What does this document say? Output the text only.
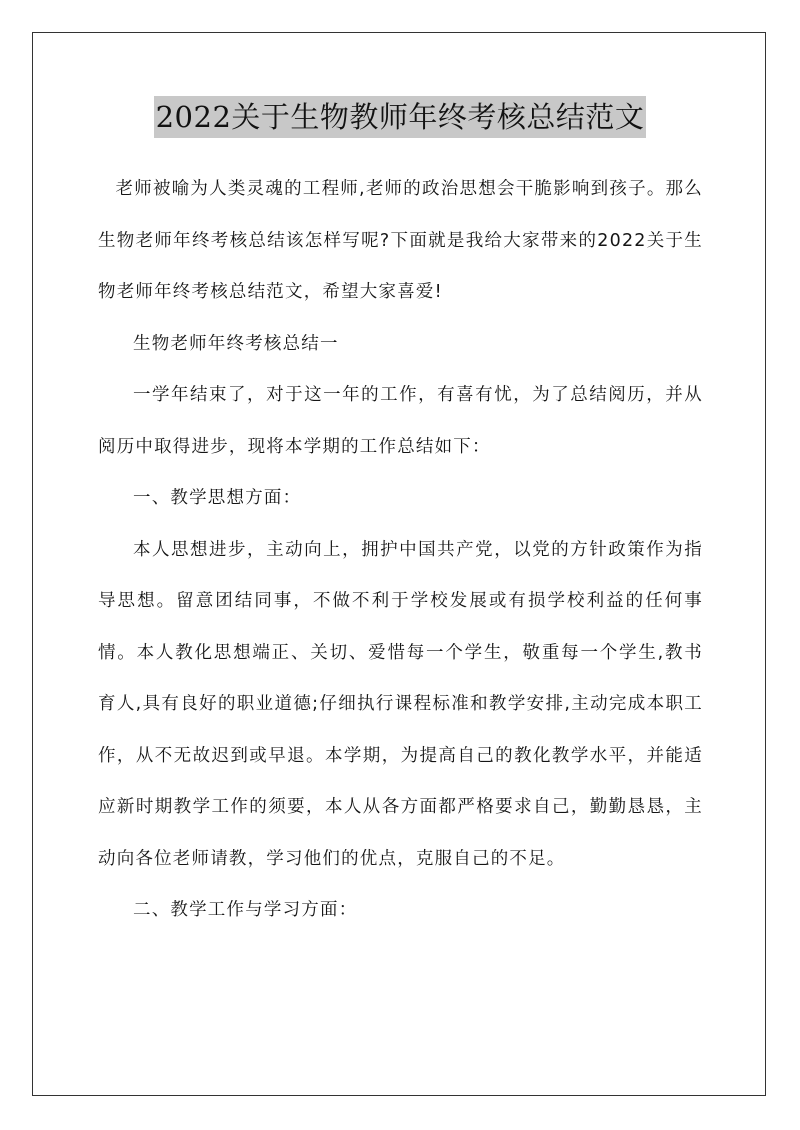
2022关于生物教师年终考核总结范文

老师被喻为人类灵魂的工程师,老师的政治思想会干脆影响到孩子。那么生物老师年终考核总结该怎样写呢?下面就是我给大家带来的2022关于生物老师年终考核总结范文，希望大家喜爱!

生物老师年终考核总结一

一学年结束了，对于这一年的工作，有喜有忧，为了总结阅历，并从阅历中取得进步，现将本学期的工作总结如下：

一、教学思想方面：

本人思想进步，主动向上，拥护中国共产党，以党的方针政策作为指导思想。留意团结同事，不做不利于学校发展或有损学校利益的任何事情。本人教化思想端正、关切、爱惜每一个学生，敬重每一个学生,教书育人,具有良好的职业道德;仔细执行课程标准和教学安排,主动完成本职工作，从不无故迟到或早退。本学期，为提高自己的教化教学水平，并能适应新时期教学工作的须要，本人从各方面都严格要求自己，勤勤恳恳，主动向各位老师请教，学习他们的优点，克服自己的不足。

二、教学工作与学习方面：
